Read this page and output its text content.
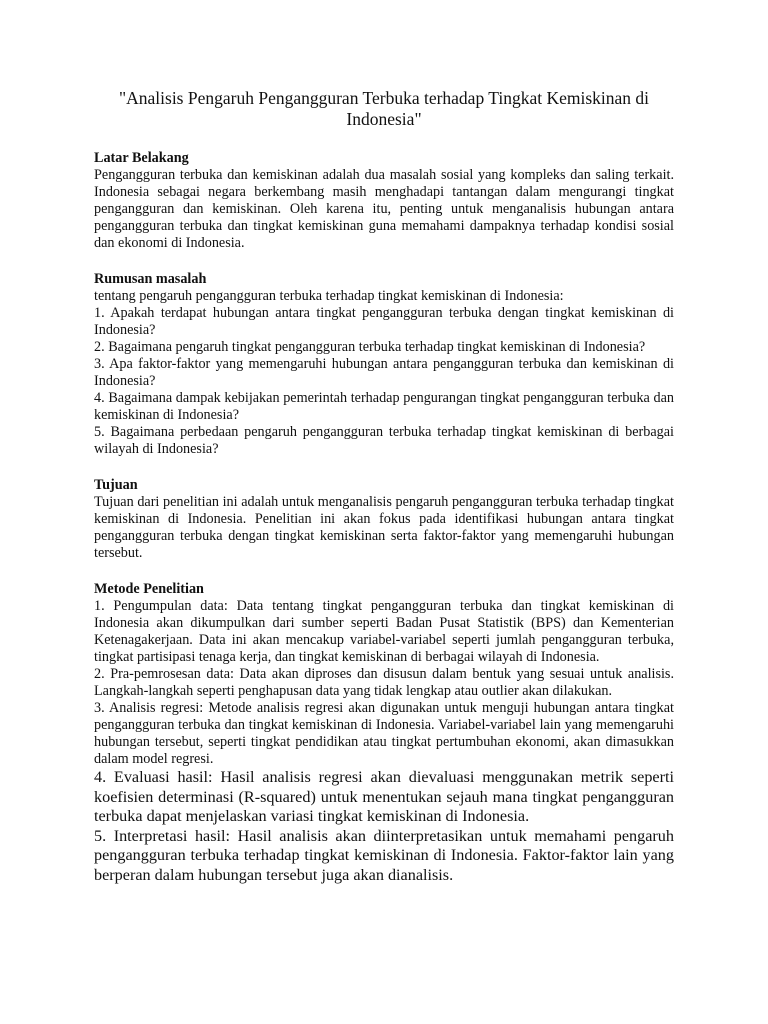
"Analisis Pengaruh Pengangguran Terbuka terhadap Tingkat Kemiskinan di Indonesia"

Latar Belakang

Pengangguran terbuka dan kemiskinan adalah dua masalah sosial yang kompleks dan saling terkait. Indonesia sebagai negara berkembang masih menghadapi tantangan dalam mengurangi tingkat pengangguran dan kemiskinan. Oleh karena itu, penting untuk menganalisis hubungan antara pengangguran terbuka dan tingkat kemiskinan guna memahami dampaknya terhadap kondisi sosial dan ekonomi di Indonesia.

Rumusan masalah

tentang pengaruh pengangguran terbuka terhadap tingkat kemiskinan di Indonesia:

1. Apakah terdapat hubungan antara tingkat pengangguran terbuka dengan tingkat kemiskinan di Indonesia?

2. Bagaimana pengaruh tingkat pengangguran terbuka terhadap tingkat kemiskinan di Indonesia?

3. Apa faktor-faktor yang memengaruhi hubungan antara pengangguran terbuka dan kemiskinan di Indonesia?

4. Bagaimana dampak kebijakan pemerintah terhadap pengurangan tingkat pengangguran terbuka dan kemiskinan di Indonesia?

5. Bagaimana perbedaan pengaruh pengangguran terbuka terhadap tingkat kemiskinan di berbagai wilayah di Indonesia?

Tujuan

Tujuan dari penelitian ini adalah untuk menganalisis pengaruh pengangguran terbuka terhadap tingkat kemiskinan di Indonesia. Penelitian ini akan fokus pada identifikasi hubungan antara tingkat pengangguran terbuka dengan tingkat kemiskinan serta faktor-faktor yang memengaruhi hubungan tersebut.

Metode Penelitian

1. Pengumpulan data: Data tentang tingkat pengangguran terbuka dan tingkat kemiskinan di Indonesia akan dikumpulkan dari sumber seperti Badan Pusat Statistik (BPS) dan Kementerian Ketenagakerjaan. Data ini akan mencakup variabel-variabel seperti jumlah pengangguran terbuka, tingkat partisipasi tenaga kerja, dan tingkat kemiskinan di berbagai wilayah di Indonesia.

2. Pra-pemrosesan data: Data akan diproses dan disusun dalam bentuk yang sesuai untuk analisis. Langkah-langkah seperti penghapusan data yang tidak lengkap atau outlier akan dilakukan.

3. Analisis regresi: Metode analisis regresi akan digunakan untuk menguji hubungan antara tingkat pengangguran terbuka dan tingkat kemiskinan di Indonesia. Variabel-variabel lain yang memengaruhi hubungan tersebut, seperti tingkat pendidikan atau tingkat pertumbuhan ekonomi, akan dimasukkan dalam model regresi.

4. Evaluasi hasil: Hasil analisis regresi akan dievaluasi menggunakan metrik seperti koefisien determinasi (R-squared) untuk menentukan sejauh mana tingkat pengangguran terbuka dapat menjelaskan variasi tingkat kemiskinan di Indonesia.

5. Interpretasi hasil: Hasil analisis akan diinterpretasikan untuk memahami pengaruh pengangguran terbuka terhadap tingkat kemiskinan di Indonesia. Faktor-faktor lain yang berperan dalam hubungan tersebut juga akan dianalisis.
